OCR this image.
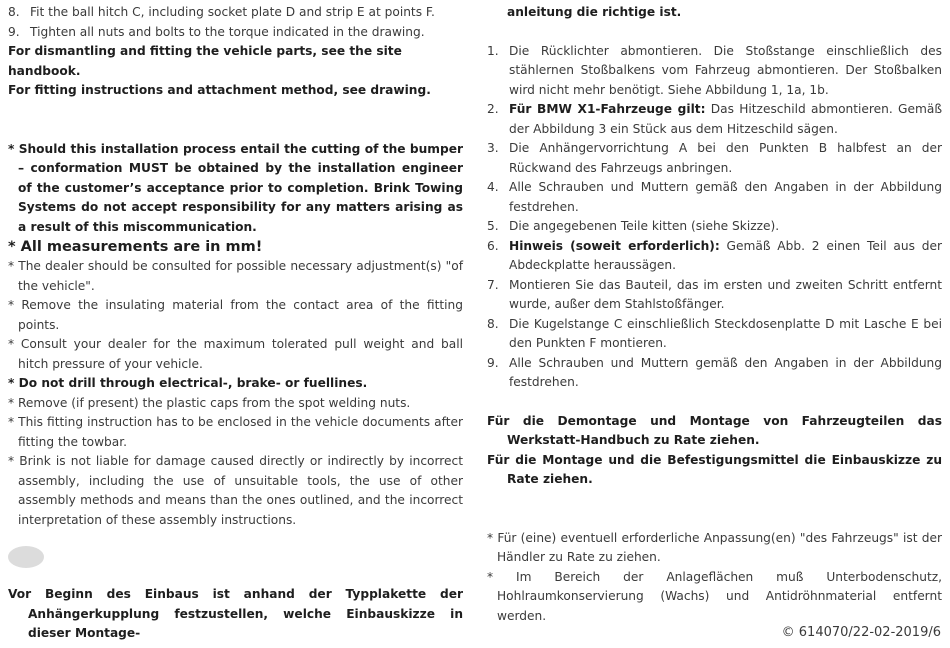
8. Fit the ball hitch C, including socket plate D and strip E at points F.
9. Tighten all nuts and bolts to the torque indicated in the drawing.

For dismantling and fitting the vehicle parts, see the site handbook.

For fitting instructions and attachment method, see drawing.

* Should this installation process entail the cutting of the bumper – conformation MUST be obtained by the installation engineer of the customer’s acceptance prior to completion. Brink Towing Systems do not accept responsibility for any matters arising as a result of this miscommunication.

* All measurements are in mm!

* The dealer should be consulted for possible necessary adjustment(s) "of the vehicle".

* Remove the insulating material from the contact area of the fitting points.

* Consult your dealer for the maximum tolerated pull weight and ball hitch pressure of your vehicle.

* Do not drill through electrical-, brake- or fuellines.

* Remove (if present) the plastic caps from the spot welding nuts.

* This fitting instruction has to be enclosed in the vehicle documents after fitting the towbar.

* Brink is not liable for damage caused directly or indirectly by incorrect assembly, including the use of unsuitable tools, the use of other assembly methods and means than the ones outlined, and the incorrect interpretation of these assembly instructions.

Vor Beginn des Einbaus ist anhand der Typplakette der Anhängerkupplung festzustellen, welche Einbauskizze in dieser Montage-

anleitung die richtige ist.

1. Die Rücklichter abmontieren. Die Stoßstange einschließlich des stählernen Stoßbalkens vom Fahrzeug abmontieren. Der Stoßbalken wird nicht mehr benötigt. Siehe Abbildung 1, 1a, 1b.
2. Für BMW X1-Fahrzeuge gilt: Das Hitzeschild abmontieren. Gemäß der Abbildung 3 ein Stück aus dem Hitzeschild sägen.
3. Die Anhängervorrichtung A bei den Punkten B halbfest an der Rückwand des Fahrzeugs anbringen.
4. Alle Schrauben und Muttern gemäß den Angaben in der Abbildung festdrehen.
5. Die angegebenen Teile kitten (siehe Skizze).
6. Hinweis (soweit erforderlich): Gemäß Abb. 2 einen Teil aus der Abdeckplatte heraussägen.
7. Montieren Sie das Bauteil, das im ersten und zweiten Schritt entfernt wurde, außer dem Stahlstoßfänger.
8. Die Kugelstange C einschließlich Steckdosenplatte D mit Lasche E bei den Punkten F montieren.
9. Alle Schrauben und Muttern gemäß den Angaben in der Abbildung festdrehen.

Für die Demontage und Montage von Fahrzeugteilen das Werkstatt-Handbuch zu Rate ziehen.

Für die Montage und die Befestigungsmittel die Einbauskizze zu Rate ziehen.

* Für (eine) eventuell erforderliche Anpassung(en) "des Fahrzeugs" ist der Händler zu Rate zu ziehen.

* Im Bereich der Anlageflächen muß Unterbodenschutz, Hohlraumkonservierung (Wachs) und Antidröhnmaterial entfernt werden.

© 614070/22-02-2019/6
